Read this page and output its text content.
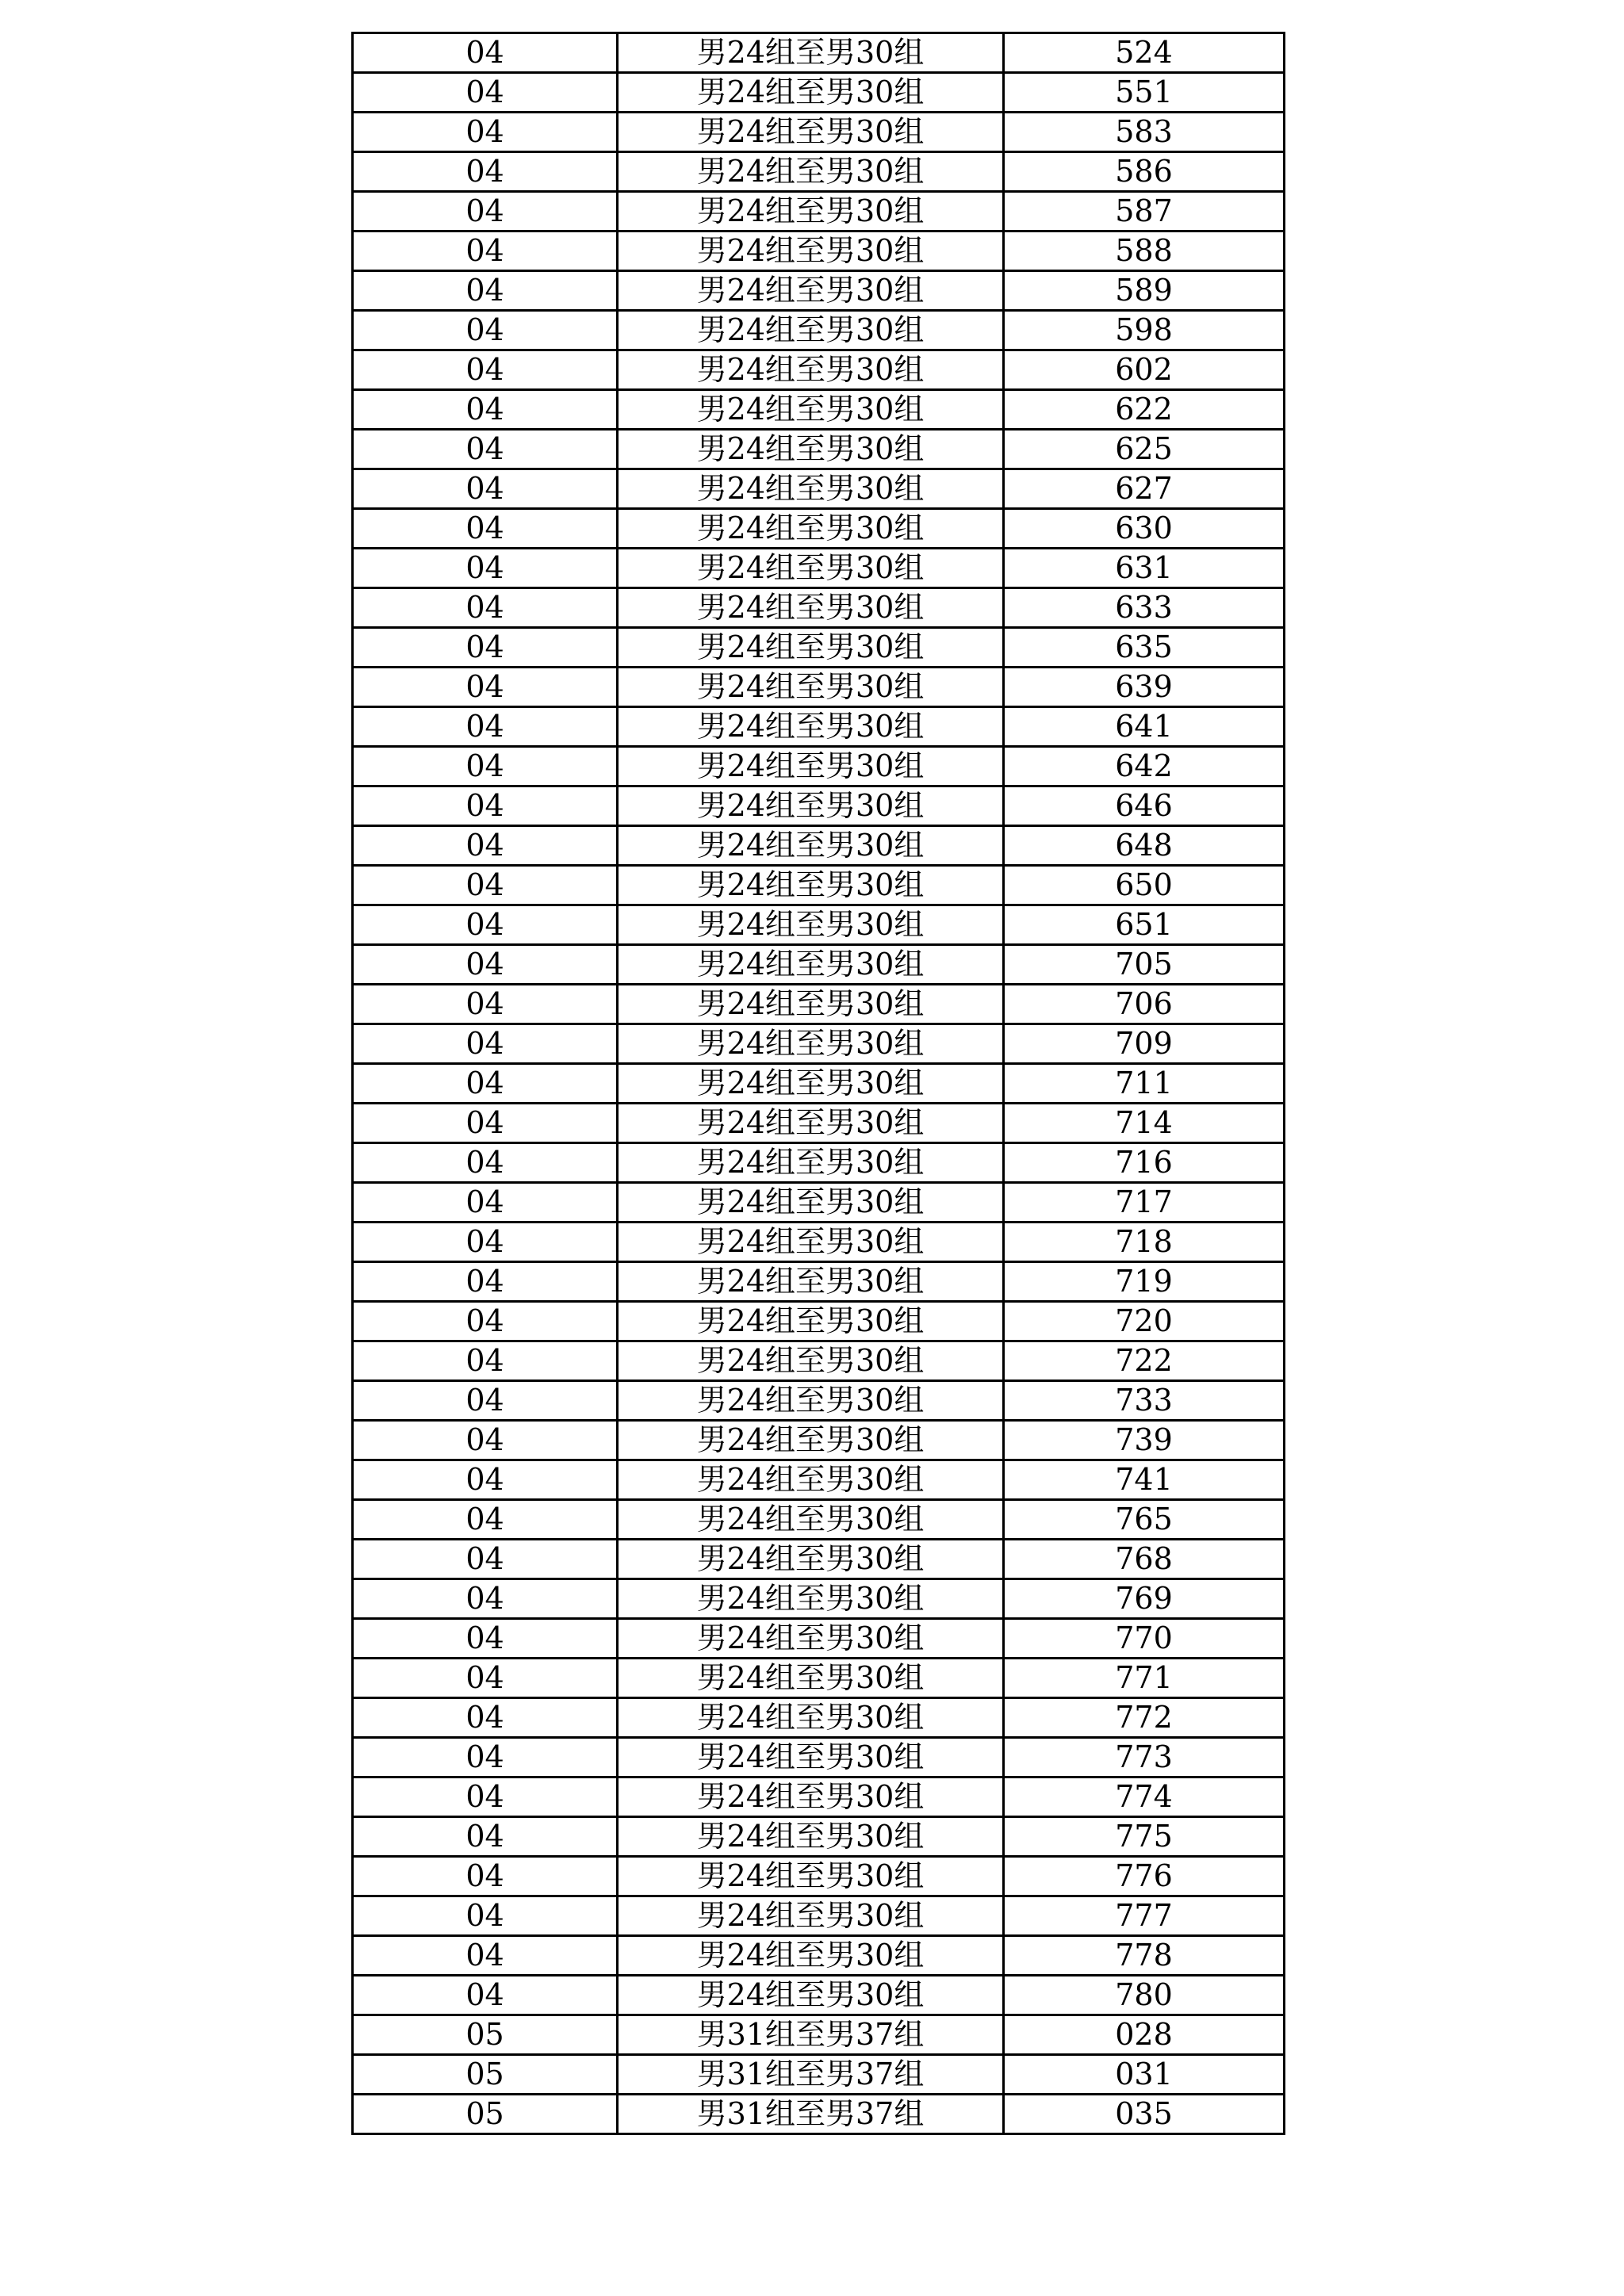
04	男24组至男30组	524
04	男24组至男30组	551
04	男24组至男30组	583
04	男24组至男30组	586
04	男24组至男30组	587
04	男24组至男30组	588
04	男24组至男30组	589
04	男24组至男30组	598
04	男24组至男30组	602
04	男24组至男30组	622
04	男24组至男30组	625
04	男24组至男30组	627
04	男24组至男30组	630
04	男24组至男30组	631
04	男24组至男30组	633
04	男24组至男30组	635
04	男24组至男30组	639
04	男24组至男30组	641
04	男24组至男30组	642
04	男24组至男30组	646
04	男24组至男30组	648
04	男24组至男30组	650
04	男24组至男30组	651
04	男24组至男30组	705
04	男24组至男30组	706
04	男24组至男30组	709
04	男24组至男30组	711
04	男24组至男30组	714
04	男24组至男30组	716
04	男24组至男30组	717
04	男24组至男30组	718
04	男24组至男30组	719
04	男24组至男30组	720
04	男24组至男30组	722
04	男24组至男30组	733
04	男24组至男30组	739
04	男24组至男30组	741
04	男24组至男30组	765
04	男24组至男30组	768
04	男24组至男30组	769
04	男24组至男30组	770
04	男24组至男30组	771
04	男24组至男30组	772
04	男24组至男30组	773
04	男24组至男30组	774
04	男24组至男30组	775
04	男24组至男30组	776
04	男24组至男30组	777
04	男24组至男30组	778
04	男24组至男30组	780
05	男31组至男37组	028
05	男31组至男37组	031
05	男31组至男37组	035
